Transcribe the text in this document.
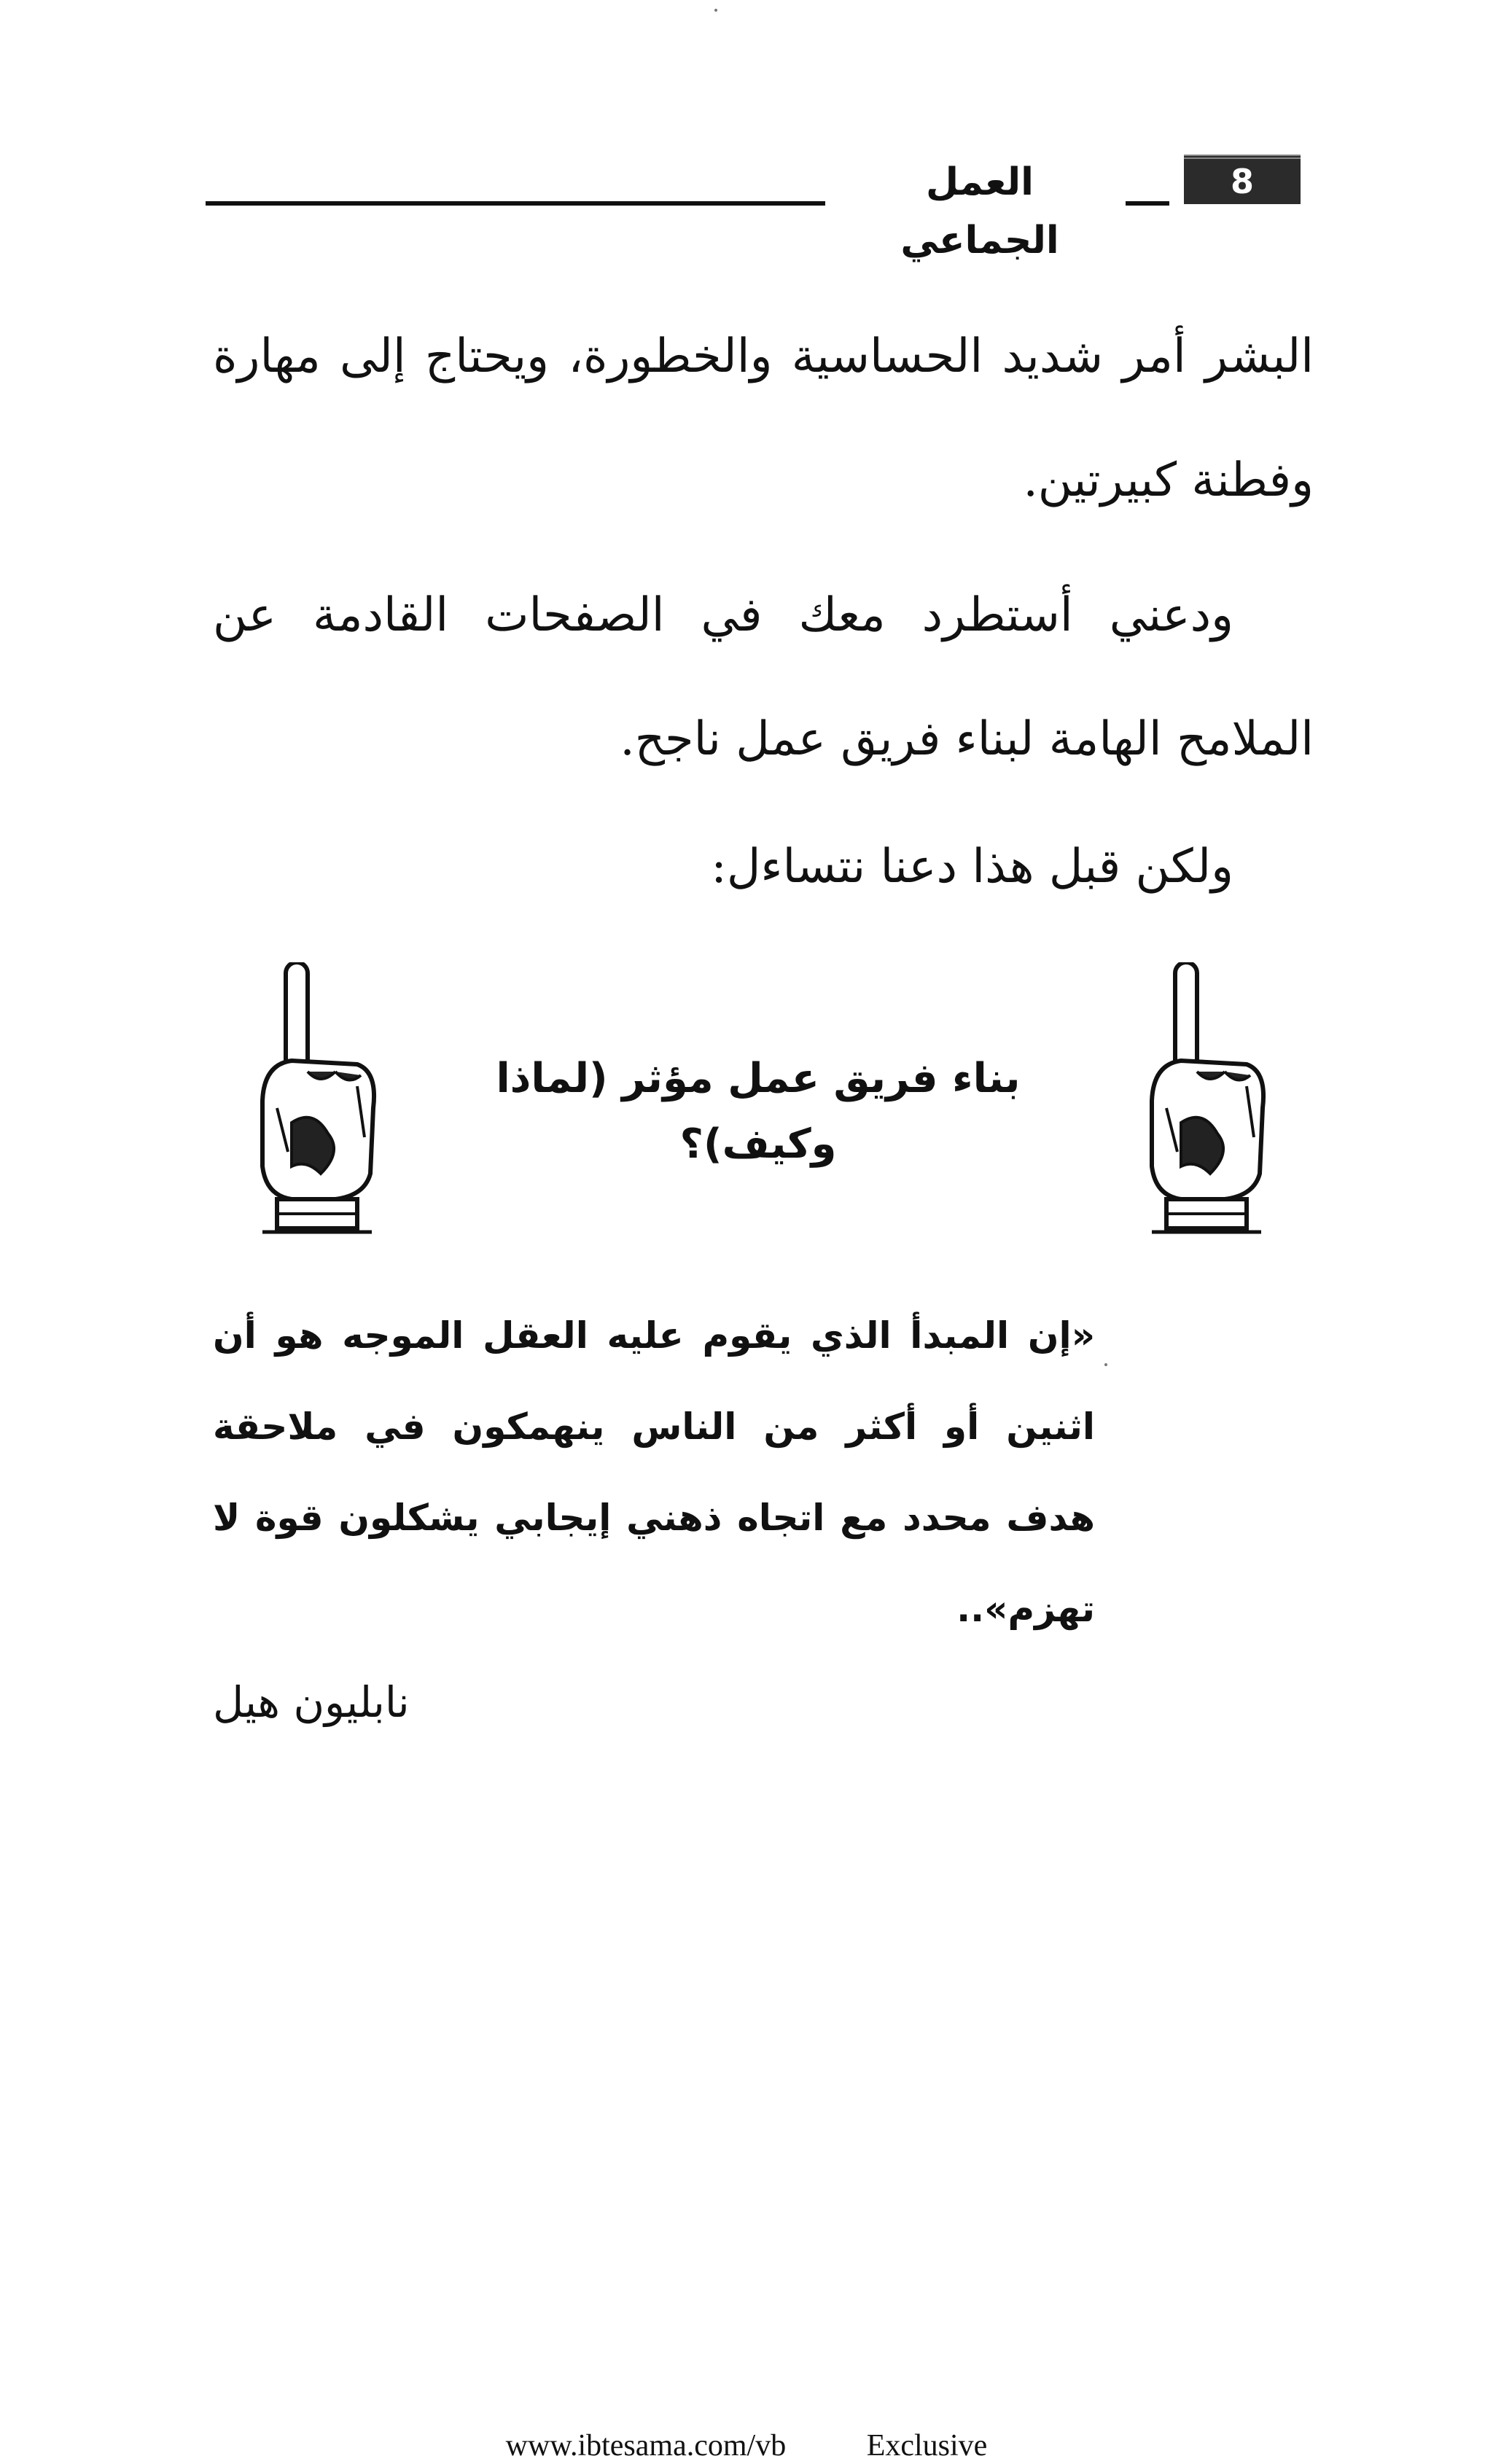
العمل الجماعي
8

البشر أمر شديد الحساسية والخطورة، ويحتاج إلى مهارة وفطنة كبيرتين.

ودعني أستطرد معك في الصفحات القادمة عن الملامح الهامة لبناء فريق عمل ناجح.

ولكن قبل هذا دعنا نتساءل:

بناء فريق عمل مؤثر (لماذا وكيف)؟
«إن المبدأ الذي يقوم عليه العقل الموجه هو أن اثنين أو أكثر من الناس ينهمكون في ملاحقة هدف محدد مع اتجاه ذهني إيجابي يشكلون قوة لا تهزم»..
نابليون هيل
www.ibtesama.com/vb	Exclusive
